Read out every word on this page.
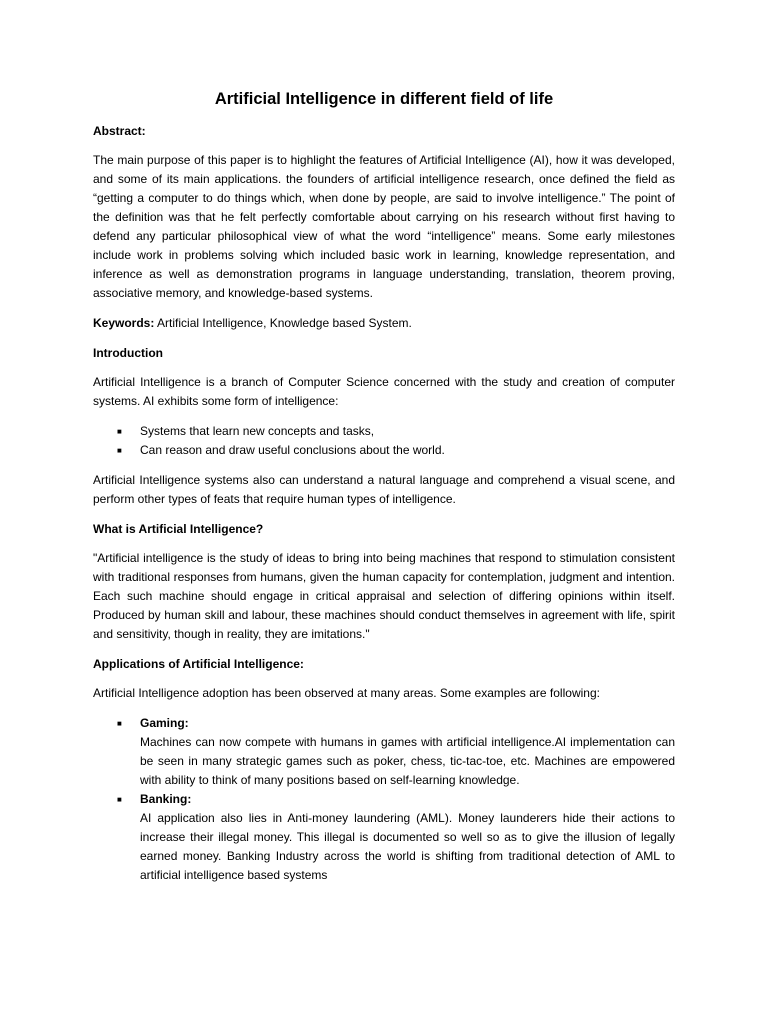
Artificial Intelligence in different field of life
Abstract:
The main purpose of this paper is to highlight the features of Artificial Intelligence (AI), how it was developed, and some of its main applications. the founders of artificial intelligence research, once defined the field as “getting a computer to do things which, when done by people, are said to involve intelligence.” The point of the definition was that he felt perfectly comfortable about carrying on his research without first having to defend any particular philosophical view of what the word “intelligence” means. Some early milestones include work in problems solving which included basic work in learning, knowledge representation, and inference as well as demonstration programs in language understanding, translation, theorem proving, associative memory, and knowledge-based systems.
Keywords: Artificial Intelligence, Knowledge based System.
Introduction
Artificial Intelligence is a branch of Computer Science concerned with the study and creation of computer systems. AI exhibits some form of intelligence:
■ Systems that learn new concepts and tasks,
■ Can reason and draw useful conclusions about the world.
Artificial Intelligence systems also can understand a natural language and comprehend a visual scene, and perform other types of feats that require human types of intelligence.
What is Artificial Intelligence?
"Artificial intelligence is the study of ideas to bring into being machines that respond to stimulation consistent with traditional responses from humans, given the human capacity for contemplation, judgment and intention. Each such machine should engage in critical appraisal and selection of differing opinions within itself. Produced by human skill and labour, these machines should conduct themselves in agreement with life, spirit and sensitivity, though in reality, they are imitations."
Applications of Artificial Intelligence:
Artificial Intelligence adoption has been observed at many areas. Some examples are following:
■ Gaming:
Machines can now compete with humans in games with artificial intelligence.AI implementation can be seen in many strategic games such as poker, chess, tic-tac-toe, etc. Machines are empowered with ability to think of many positions based on self-learning knowledge.
■ Banking:
AI application also lies in Anti-money laundering (AML). Money launderers hide their actions to increase their illegal money. This illegal is documented so well so as to give the illusion of legally earned money. Banking Industry across the world is shifting from traditional detection of AML to artificial intelligence based systems
